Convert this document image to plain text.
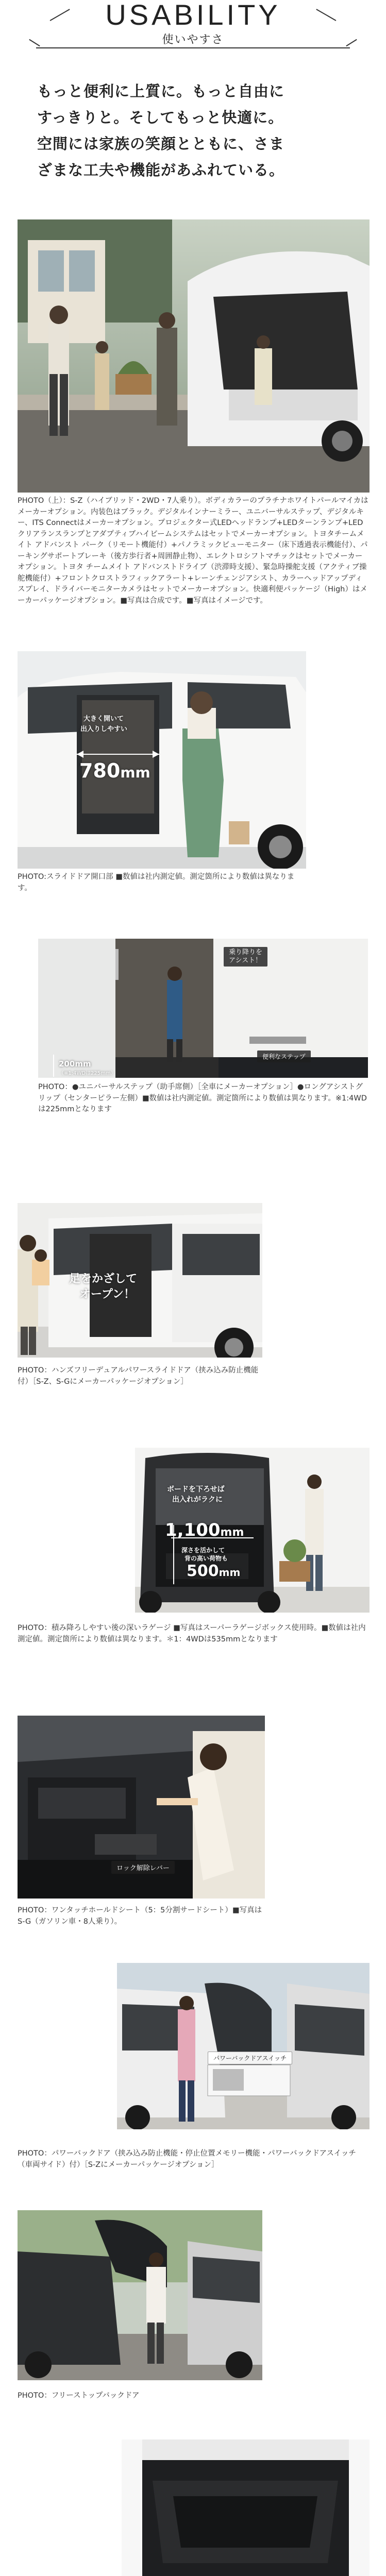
USABILITY
使いやすさ
もっと便利に上質に。もっと自由に
すっきりと。そしてもっと快適に。
空間には家族の笑顔とともに、さま
ざまな工夫や機能があふれている。
PHOTO（上）：S-Z（ハイブリッド・2WD・7人乗り）。ボディカラーのプラチナホワイトパールマイカはメーカーオプション。内装色はブラック。デジタルインナーミラー、ユニバーサルステップ、デジタルキー、ITS Connectはメーカーオプション。プロジェクター式LEDヘッドランプ+LEDターンランプ+LEDクリアランスランプとアダプティブハイビームシステムはセットでメーカーオプション。トヨタチームメイト アドバンスト パーク（リモート機能付）+パノラミックビューモニター（床下透過表示機能付）、パーキングサポートブレーキ（後方歩行者+周囲静止物）、エレクトロシフトマチックはセットでメーカーオプション。トヨタ チームメイト アドバンストドライブ（渋滞時支援）、緊急時操舵支援（アクティブ操舵機能付）+フロントクロストラフィックアラート+レーンチェンジアシスト、カラーヘッドアップディスプレイ、ドライバーモニターカメラはセットでメーカーオプション。快適利便パッケージ（High）はメーカーパッケージオプション。■写真は合成です。■写真はイメージです。
大きく開いて
出入りしやすい
780mm
PHOTO:スライドドア開口部 ■数値は社内測定値。測定箇所により数値は異なります。
乗り降りを
アシスト！
便利なステップ
200mm
（※1:4WDは225mm）
PHOTO：●ユニバーサルステップ（助手席側）［全車にメーカーオプション］●ロングアシストグリップ（センターピラー左側）■数値は社内測定値。測定箇所により数値は異なります。※1:4WDは225mmとなります
足をかざして
オープン！
PHOTO：ハンズフリーデュアルパワースライドドア（挟み込み防止機能付）［S-Z、S-Gにメーカーパッケージオプション］
ボードを下ろせば
出入れがラクに
1,100mm
深さを活かして
背の高い荷物も
500mm
PHOTO：積み降ろしやすい後の深いラゲージ ■写真はスーパーラゲージボックス使用時。■数値は社内測定値。測定箇所により数値は異なります。＊1：4WDは535mmとなります
ロック解除レバー
PHOTO：ワンタッチホールドシート（5：5分割サードシート）■写真はS-G（ガソリン車・8人乗り）。
パワーバックドアスイッチ
PHOTO：パワーバックドア（挟み込み防止機能・停止位置メモリー機能・パワーバックドアスイッチ（車両サイド）付）［S-Zにメーカーパッケージオプション］
PHOTO：フリーストップバックドア
